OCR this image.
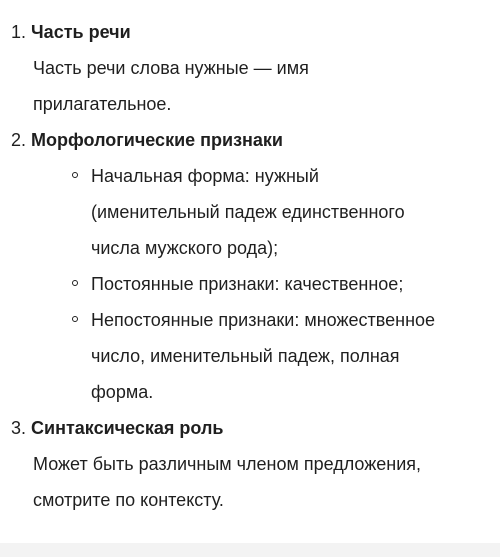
1. Часть речи
Часть речи слова нужные — имя
прилагательное.
2. Морфологические признаки
Начальная форма: нужный
(именительный падеж единственного
числа мужского рода);
Постоянные признаки: качественное;
Непостоянные признаки: множественное
число, именительный падеж, полная
форма.
3. Синтаксическая роль
Может быть различным членом предложения,
смотрите по контексту.
